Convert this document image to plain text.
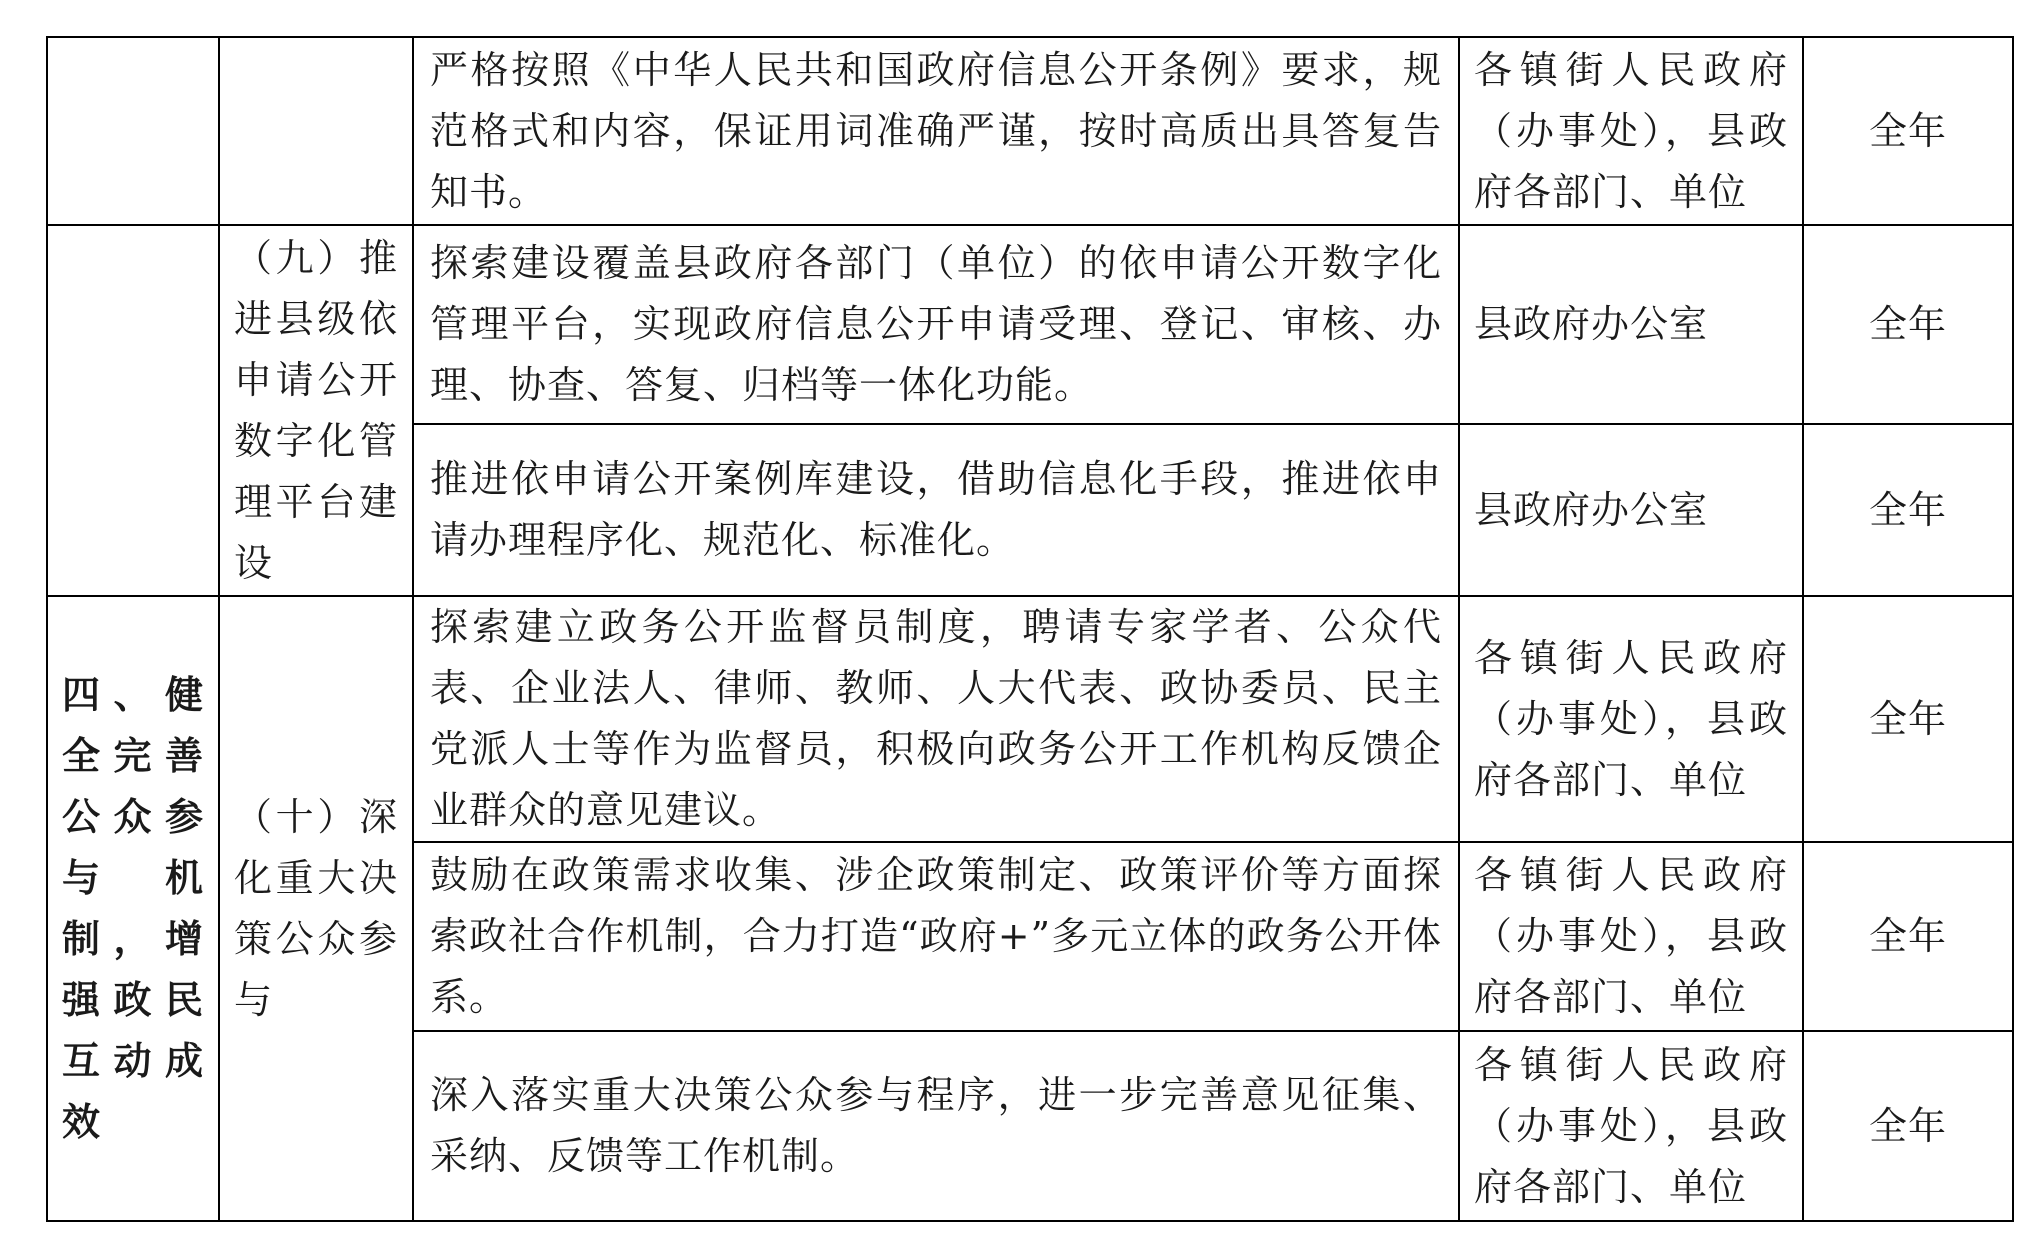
		严格按照《中华人民共和国政府信息公开条例》要求，规范格式和内容，保证用词准确严谨，按时高质出具答复告知书。	各镇街人民政府（办事处），县政府各部门、单位	全年
	（九）推进县级依申请公开数字化管理平台建设	探索建设覆盖县政府各部门（单位）的依申请公开数字化管理平台，实现政府信息公开申请受理、登记、审核、办理、协查、答复、归档等一体化功能。	县政府办公室	全年
		推进依申请公开案例库建设，借助信息化手段，推进依申请办理程序化、规范化、标准化。	县政府办公室	全年
四、健全完善公众参与机制，增强政民互动成效	（十）深化重大决策公众参与	探索建立政务公开监督员制度，聘请专家学者、公众代表、企业法人、律师、教师、人大代表、政协委员、民主党派人士等作为监督员，积极向政务公开工作机构反馈企业群众的意见建议。	各镇街人民政府（办事处），县政府各部门、单位	全年
		鼓励在政策需求收集、涉企政策制定、政策评价等方面探索政社合作机制，合力打造“政府+”多元立体的政务公开体系。	各镇街人民政府（办事处），县政府各部门、单位	全年
		深入落实重大决策公众参与程序，进一步完善意见征集、采纳、反馈等工作机制。	各镇街人民政府（办事处），县政府各部门、单位	全年
